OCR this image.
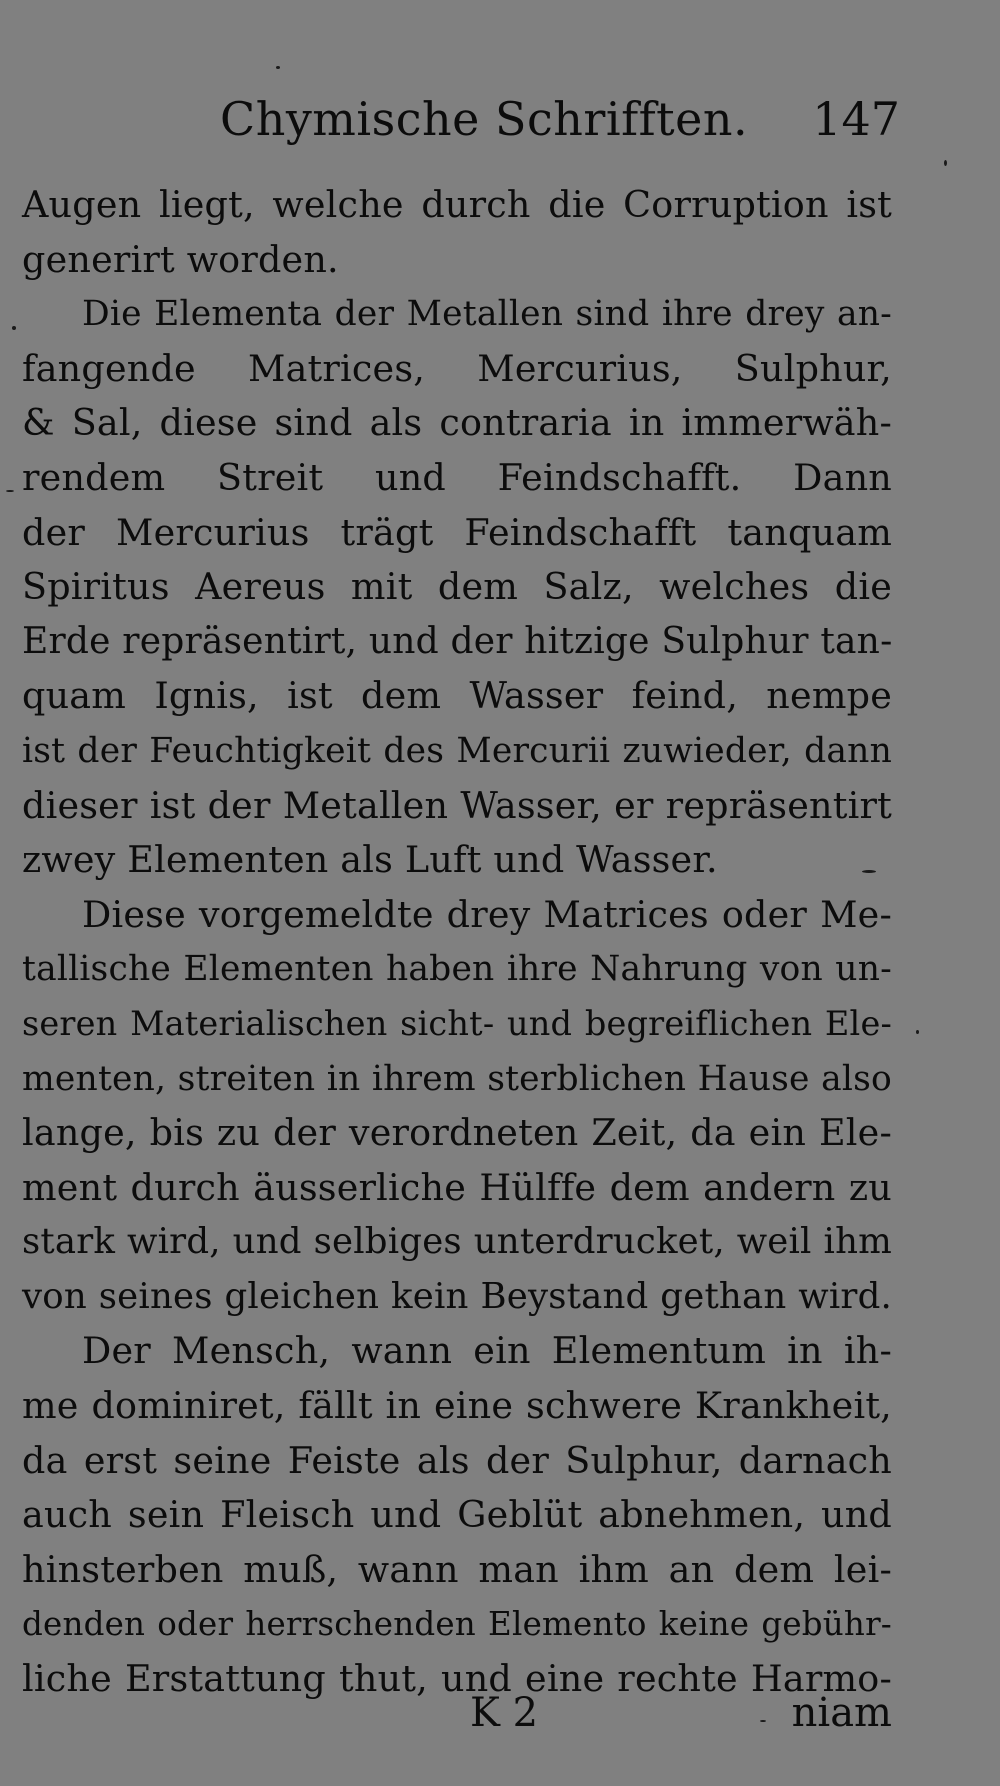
Chymische Schrifften. 147
Augen liegt, welche durch die Corruption ist
generirt worden.
Die Elementa der Metallen sind ihre drey an-
fangende Matrices, Mercurius, Sulphur,
& Sal, diese sind als contraria in immerwäh-
rendem Streit und Feindschafft. Dann
der Mercurius trägt Feindschafft tanquam
Spiritus Aereus mit dem Salz, welches die
Erde repräsentirt, und der hitzige Sulphur tan-
quam Ignis, ist dem Wasser feind, nempe
ist der Feuchtigkeit des Mercurii zuwieder, dann
dieser ist der Metallen Wasser, er repräsentirt
zwey Elementen als Luft und Wasser.
Diese vorgemeldte drey Matrices oder Me-
tallische Elementen haben ihre Nahrung von un-
seren Materialischen sicht- und begreiflichen Ele-
menten, streiten in ihrem sterblichen Hause also
lange, bis zu der verordneten Zeit, da ein Ele-
ment durch äusserliche Hülffe dem andern zu
stark wird, und selbiges unterdrucket, weil ihm
von seines gleichen kein Beystand gethan wird.
Der Mensch, wann ein Elementum in ih-
me dominiret, fällt in eine schwere Krankheit,
da erst seine Feiste als der Sulphur, darnach
auch sein Fleisch und Geblüt abnehmen, und
hinsterben muß, wann man ihm an dem lei-
denden oder herrschenden Elemento keine gebühr-
liche Erstattung thut, und eine rechte Harmo-
K 2	niam
